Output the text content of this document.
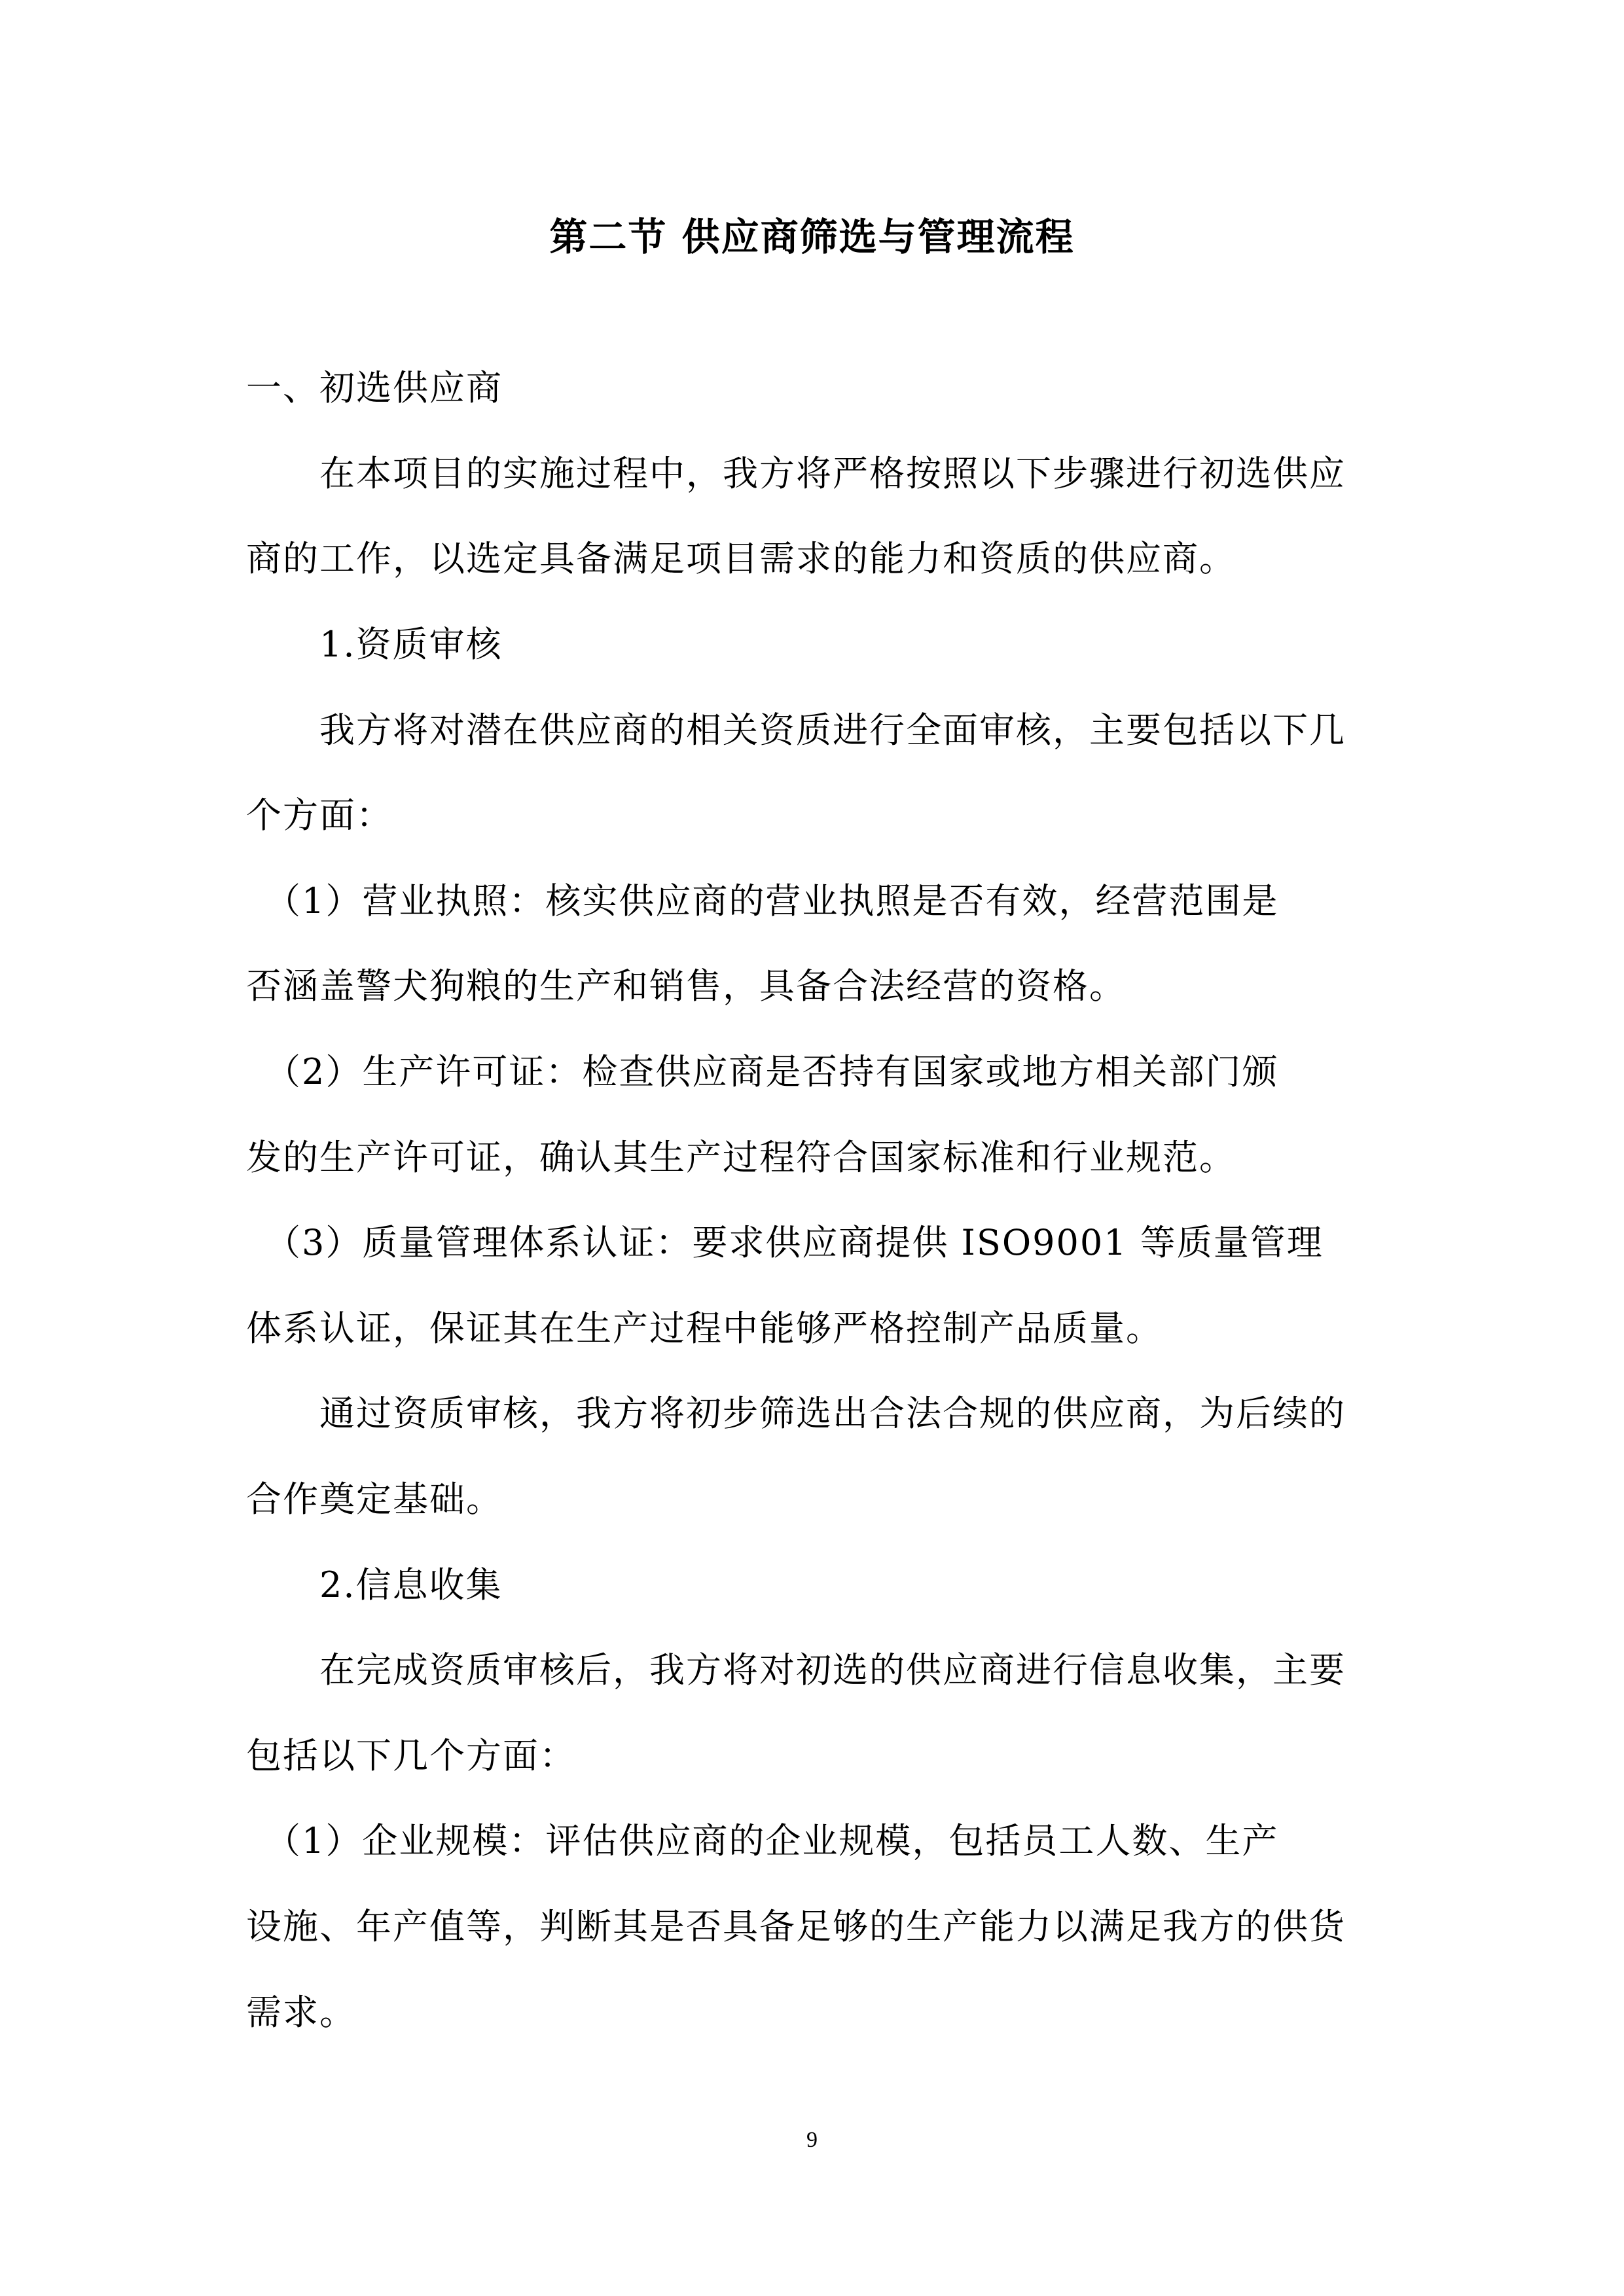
第二节 供应商筛选与管理流程
一、初选供应商
　　在本项目的实施过程中，我方将严格按照以下步骤进行初选供应
商的工作，以选定具备满足项目需求的能力和资质的供应商。
　　1.资质审核
　　我方将对潜在供应商的相关资质进行全面审核，主要包括以下几
个方面：
　（1）营业执照：核实供应商的营业执照是否有效，经营范围是
否涵盖警犬狗粮的生产和销售，具备合法经营的资格。
　（2）生产许可证：检查供应商是否持有国家或地方相关部门颁
发的生产许可证，确认其生产过程符合国家标准和行业规范。
　（3）质量管理体系认证：要求供应商提供 ISO9001 等质量管理
体系认证，保证其在生产过程中能够严格控制产品质量。
　　通过资质审核，我方将初步筛选出合法合规的供应商，为后续的
合作奠定基础。
　　2.信息收集
　　在完成资质审核后，我方将对初选的供应商进行信息收集，主要
包括以下几个方面：
　（1）企业规模：评估供应商的企业规模，包括员工人数、生产
设施、年产值等，判断其是否具备足够的生产能力以满足我方的供货
需求。
9
